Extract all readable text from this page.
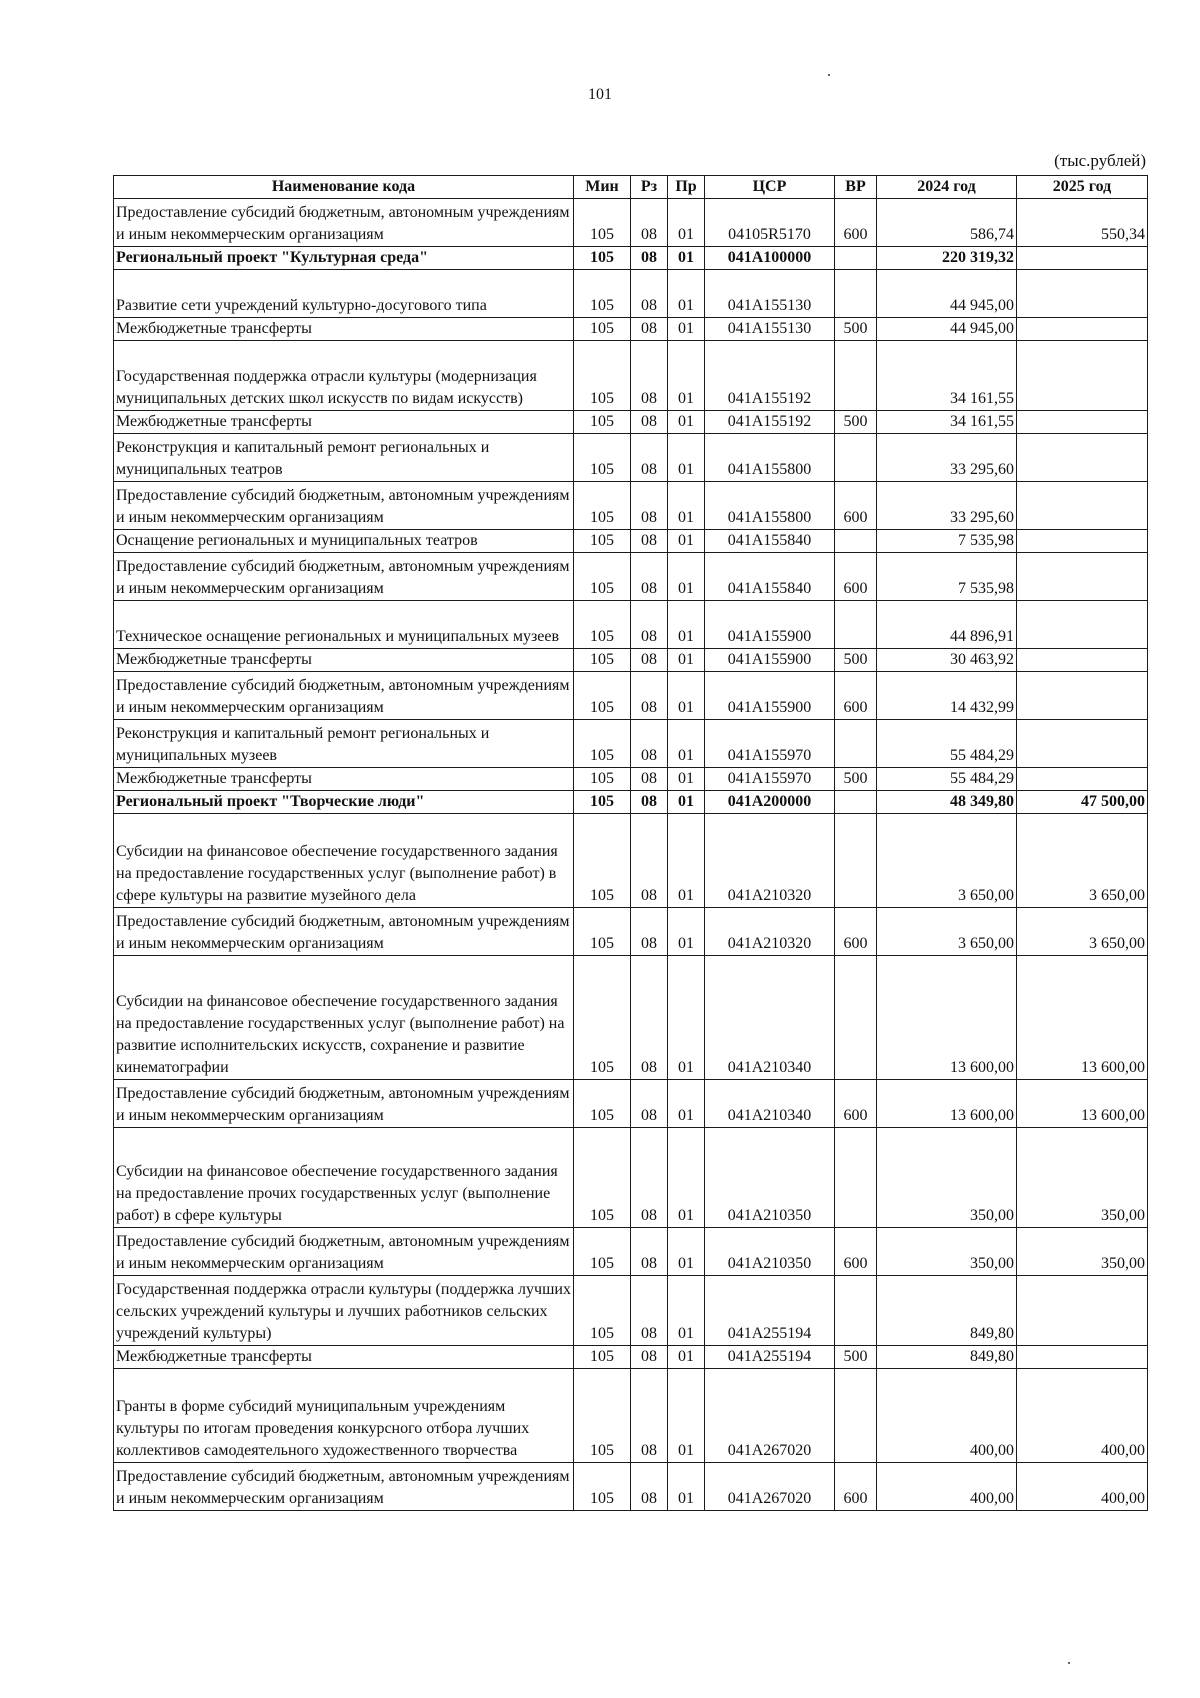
101
(тыс.рублей)
Наименование кода	Мин	Рз	Пр	ЦСР	ВР	2024 год	2025 год
Предоставление субсидий бюджетным, автономным учреждениям и иным некоммерческим организациям	105	08	01	04105R5170	600	586,74	550,34
Региональный проект "Культурная среда"	105	08	01	041A100000		220 319,32	
Развитие сети учреждений культурно-досугового типа	105	08	01	041A155130		44 945,00	
Межбюджетные трансферты	105	08	01	041A155130	500	44 945,00	
Государственная поддержка отрасли культуры (модернизация муниципальных детских школ искусств по видам искусств)	105	08	01	041A155192		34 161,55	
Межбюджетные трансферты	105	08	01	041A155192	500	34 161,55	
Реконструкция и капитальный ремонт региональных и муниципальных театров	105	08	01	041A155800		33 295,60	
Предоставление субсидий бюджетным, автономным учреждениям и иным некоммерческим организациям	105	08	01	041A155800	600	33 295,60	
Оснащение региональных и муниципальных театров	105	08	01	041A155840		7 535,98	
Предоставление субсидий бюджетным, автономным учреждениям и иным некоммерческим организациям	105	08	01	041A155840	600	7 535,98	
Техническое оснащение региональных и муниципальных музеев	105	08	01	041A155900		44 896,91	
Межбюджетные трансферты	105	08	01	041A155900	500	30 463,92	
Предоставление субсидий бюджетным, автономным учреждениям и иным некоммерческим организациям	105	08	01	041A155900	600	14 432,99	
Реконструкция и капитальный ремонт региональных и муниципальных музеев	105	08	01	041A155970		55 484,29	
Межбюджетные трансферты	105	08	01	041A155970	500	55 484,29	
Региональный проект "Творческие люди"	105	08	01	041A200000		48 349,80	47 500,00
Субсидии на финансовое обеспечение государственного задания на предоставление государственных услуг (выполнение работ) в сфере культуры на развитие музейного дела	105	08	01	041A210320		3 650,00	3 650,00
Предоставление субсидий бюджетным, автономным учреждениям и иным некоммерческим организациям	105	08	01	041A210320	600	3 650,00	3 650,00
Субсидии на финансовое обеспечение государственного задания на предоставление государственных услуг (выполнение работ) на развитие исполнительских искусств, сохранение и развитие кинематографии	105	08	01	041A210340		13 600,00	13 600,00
Предоставление субсидий бюджетным, автономным учреждениям и иным некоммерческим организациям	105	08	01	041A210340	600	13 600,00	13 600,00
Субсидии на финансовое обеспечение государственного задания на предоставление прочих государственных услуг (выполнение работ) в сфере культуры	105	08	01	041A210350		350,00	350,00
Предоставление субсидий бюджетным, автономным учреждениям и иным некоммерческим организациям	105	08	01	041A210350	600	350,00	350,00
Государственная поддержка отрасли культуры (поддержка лучших сельских учреждений культуры и лучших работников сельских учреждений культуры)	105	08	01	041A255194		849,80	
Межбюджетные трансферты	105	08	01	041A255194	500	849,80	
Гранты в форме субсидий муниципальным учреждениям культуры по итогам проведения конкурсного отбора лучших коллективов самодеятельного художественного творчества	105	08	01	041A267020		400,00	400,00
Предоставление субсидий бюджетным, автономным учреждениям и иным некоммерческим организациям	105	08	01	041A267020	600	400,00	400,00
